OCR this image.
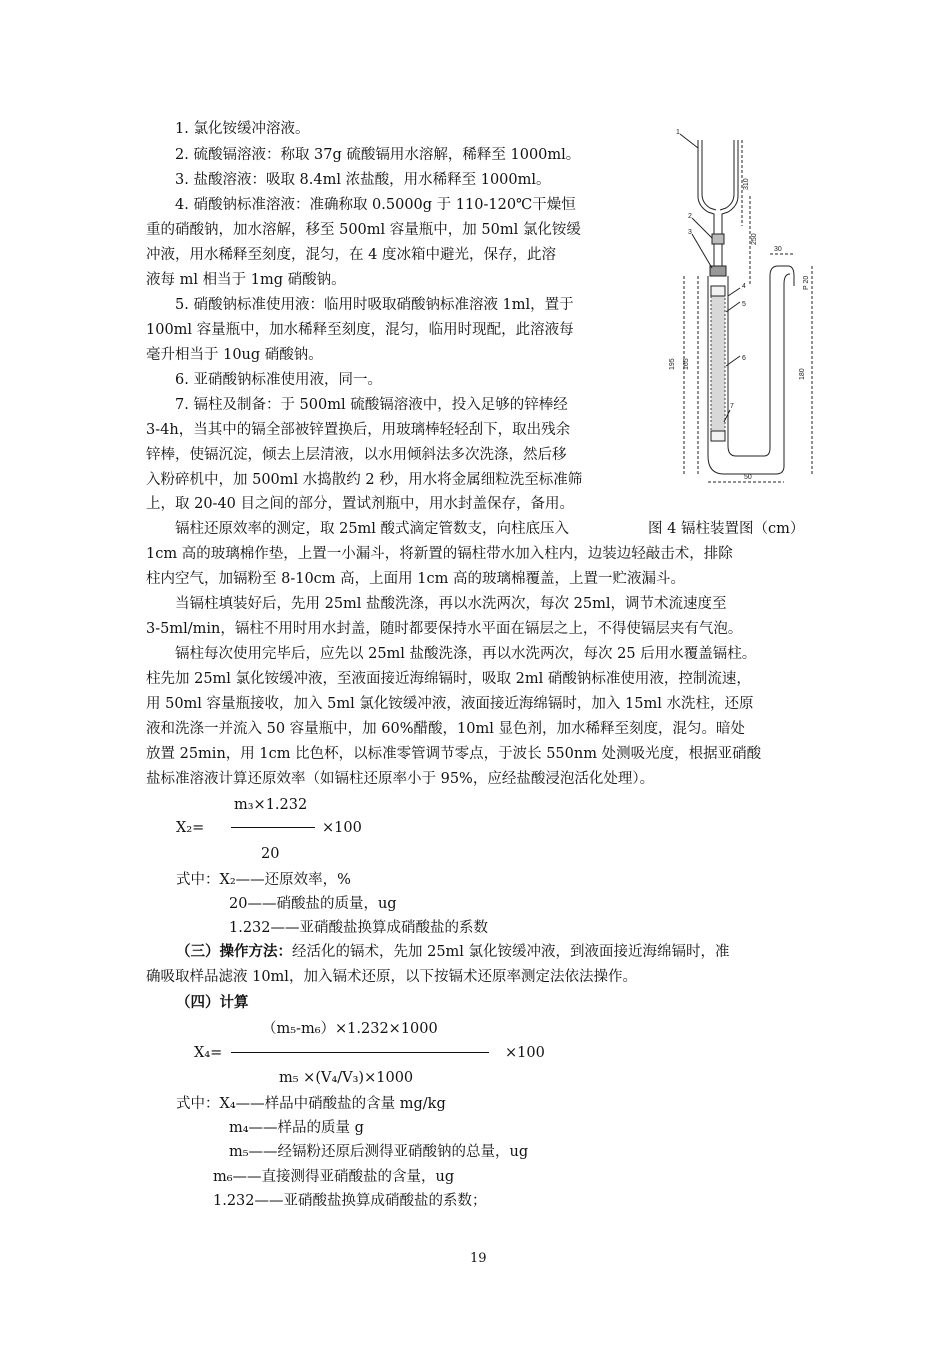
1. 氯化铵缓冲溶液。
2. 硫酸镉溶液：称取 37g 硫酸镉用水溶解，稀释至 1000ml。
3. 盐酸溶液：吸取 8.4ml 浓盐酸，用水稀释至 1000ml。
4. 硝酸钠标准溶液：准确称取 0.5000g 于 110-120℃干燥恒
重的硝酸钠，加水溶解，移至 500ml 容量瓶中，加 50ml 氯化铵缓
冲液，用水稀释至刻度，混匀，在 4 度冰箱中避光，保存，此溶
液每 ml 相当于 1mg 硝酸钠。
5. 硝酸钠标准使用液：临用时吸取硝酸钠标准溶液 1ml，置于
100ml 容量瓶中，加水稀释至刻度，混匀，临用时现配，此溶液每
毫升相当于 10ug 硝酸钠。
6. 亚硝酸钠标准使用液，同一。
7. 镉柱及制备：于 500ml 硫酸镉溶液中，投入足够的锌棒经
3-4h，当其中的镉全部被锌置换后，用玻璃棒轻轻刮下，取出残余
锌棒，使镉沉淀，倾去上层清液，以水用倾斜法多次洗涤，然后移
入粉碎机中，加 500ml 水捣散约 2 秒，用水将金属细粒洗至标准筛
上，取 20-40 目之间的部分，置试剂瓶中，用水封盖保存，备用。
1
2
3
4
5
6
7
310
250
30
P 20
165
195
180
50
镉柱还原效率的测定，取 25ml 酸式滴定管数支，向柱底压入	图 4 镉柱装置图（cm）
1cm 高的玻璃棉作垫，上置一小漏斗，将新置的镉柱带水加入柱内，边装边轻敲击术，排除
柱内空气，加镉粉至 8-10cm 高，上面用 1cm 高的玻璃棉覆盖，上置一贮液漏斗。
当镉柱填装好后，先用 25ml 盐酸洗涤，再以水洗两次，每次 25ml，调节术流速度至
3-5ml/min，镉柱不用时用水封盖，随时都要保持水平面在镉层之上，不得使镉层夹有气泡。
镉柱每次使用完毕后，应先以 25ml 盐酸洗涤，再以水洗两次，每次 25 后用水覆盖镉柱。
柱先加 25ml 氯化铵缓冲液，至液面接近海绵镉时，吸取 2ml 硝酸钠标准使用液，控制流速，
用 50ml 容量瓶接收，加入 5ml 氯化铵缓冲液，液面接近海绵镉时，加入 15ml 水洗柱，还原
液和洗涤一并流入 50 容量瓶中，加 60%醋酸，10ml 显色剂，加水稀释至刻度，混匀。暗处
放置 25min，用 1cm 比色杯，以标准零管调节零点，于波长 550nm 处测吸光度，根据亚硝酸
盐标准溶液计算还原效率（如镉柱还原率小于 95%，应经盐酸浸泡活化处理）。
m₃×1.232
X₂=	×100
20
式中：X₂——还原效率，%
20——硝酸盐的质量，ug
1.232——亚硝酸盐换算成硝酸盐的系数
（三）操作方法：经活化的镉术，先加 25ml 氯化铵缓冲液，到液面接近海绵镉时，准
确吸取样品滤液 10ml，加入镉术还原，以下按镉术还原率测定法依法操作。
（四）计算
（m₅-m₆）×1.232×1000
X₄=	×100
m₅ ×(V₄/V₃)×1000
式中：X₄——样品中硝酸盐的含量 mg/kg
m₄——样品的质量 g
m₅——经镉粉还原后测得亚硝酸钠的总量，ug
m₆——直接测得亚硝酸盐的含量，ug
1.232——亚硝酸盐换算成硝酸盐的系数；
19
